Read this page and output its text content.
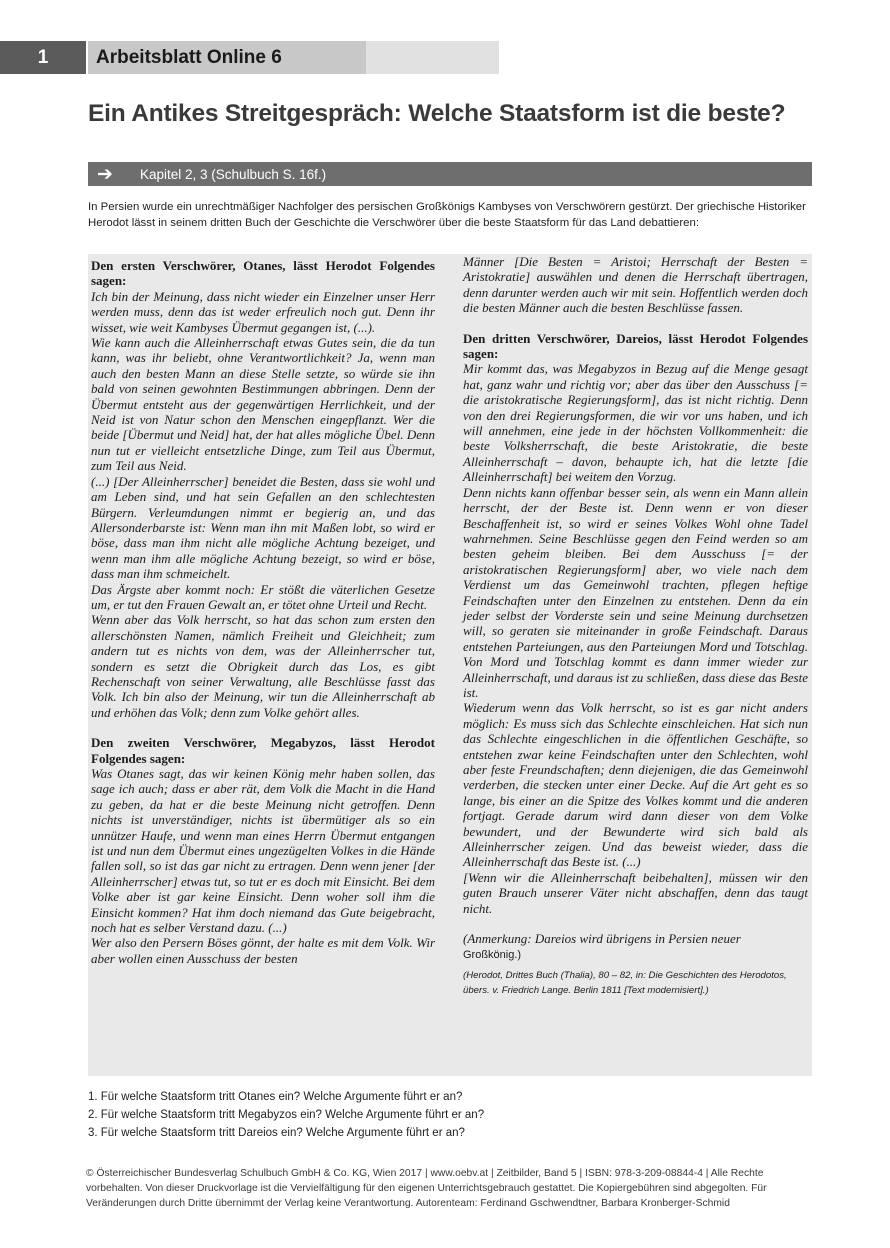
1	Arbeitsblatt Online 6
Ein Antikes Streitgespräch: Welche Staatsform ist die beste?
➔	Kapitel 2, 3 (Schulbuch S. 16f.)

In Persien wurde ein unrechtmäßiger Nachfolger des persischen Großkönigs Kambyses von Verschwörern gestürzt. Der griechische Historiker Herodot lässt in seinem dritten Buch der Geschichte die Verschwörer über die beste Staatsform für das Land debattieren:

Den ersten Verschwörer, Otanes, lässt Herodot Folgendes sagen:

Ich bin der Meinung, dass nicht wieder ein Einzelner unser Herr werden muss, denn das ist weder erfreulich noch gut. Denn ihr wisset, wie weit Kambyses Übermut gegangen ist, (...).

Wie kann auch die Alleinherrschaft etwas Gutes sein, die da tun kann, was ihr beliebt, ohne Verantwortlichkeit? Ja, wenn man auch den besten Mann an diese Stelle setzte, so würde sie ihn bald von seinen gewohnten Bestimmungen abbringen. Denn der Übermut entsteht aus der gegenwärtigen Herrlichkeit, und der Neid ist von Natur schon den Menschen eingepflanzt. Wer die beide [Übermut und Neid] hat, der hat alles mögliche Übel. Denn nun tut er vielleicht entsetzliche Dinge, zum Teil aus Übermut, zum Teil aus Neid.

(...) [Der Alleinherrscher] beneidet die Besten, dass sie wohl und am Leben sind, und hat sein Gefallen an den schlechtesten Bürgern. Verleumdungen nimmt er begierig an, und das Allersonderbarste ist: Wenn man ihn mit Maßen lobt, so wird er böse, dass man ihm nicht alle mögliche Achtung bezeiget, und wenn man ihm alle mögliche Achtung bezeigt, so wird er böse, dass man ihm schmeichelt.

Das Ärgste aber kommt noch: Er stößt die väterlichen Gesetze um, er tut den Frauen Gewalt an, er tötet ohne Urteil und Recht.

Wenn aber das Volk herrscht, so hat das schon zum ersten den allerschönsten Namen, nämlich Freiheit und Gleichheit; zum andern tut es nichts von dem, was der Alleinherrscher tut, sondern es setzt die Obrigkeit durch das Los, es gibt Rechenschaft von seiner Verwaltung, alle Beschlüsse fasst das Volk. Ich bin also der Meinung, wir tun die Alleinherrschaft ab und erhöhen das Volk; denn zum Volke gehört alles.

Den zweiten Verschwörer, Megabyzos, lässt Herodot Folgendes sagen:

Was Otanes sagt, das wir keinen König mehr haben sollen, das sage ich auch; dass er aber rät, dem Volk die Macht in die Hand zu geben, da hat er die beste Meinung nicht getroffen. Denn nichts ist unverständiger, nichts ist übermütiger als so ein unnützer Haufe, und wenn man eines Herrn Übermut entgangen ist und nun dem Übermut eines ungezügelten Volkes in die Hände fallen soll, so ist das gar nicht zu ertragen. Denn wenn jener [der Alleinherrscher] etwas tut, so tut er es doch mit Einsicht. Bei dem Volke aber ist gar keine Einsicht. Denn woher soll ihm die Einsicht kommen? Hat ihm doch niemand das Gute beigebracht, noch hat es selber Verstand dazu. (...)

Wer also den Persern Böses gönnt, der halte es mit dem Volk. Wir aber wollen einen Ausschuss der besten

Männer [Die Besten = Aristoi; Herrschaft der Besten = Aristokratie] auswählen und denen die Herrschaft übertragen, denn darunter werden auch wir mit sein. Hoffentlich werden doch die besten Männer auch die besten Beschlüsse fassen.

Den dritten Verschwörer, Dareios, lässt Herodot Folgendes sagen:

Mir kommt das, was Megabyzos in Bezug auf die Menge gesagt hat, ganz wahr und richtig vor; aber das über den Ausschuss [= die aristokratische Regierungsform], das ist nicht richtig. Denn von den drei Regierungsformen, die wir vor uns haben, und ich will annehmen, eine jede in der höchsten Vollkommenheit: die beste Volksherrschaft, die beste Aristokratie, die beste Alleinherrschaft – davon, behaupte ich, hat die letzte [die Alleinherrschaft] bei weitem den Vorzug.

Denn nichts kann offenbar besser sein, als wenn ein Mann allein herrscht, der der Beste ist. Denn wenn er von dieser Beschaffenheit ist, so wird er seines Volkes Wohl ohne Tadel wahrnehmen. Seine Beschlüsse gegen den Feind werden so am besten geheim bleiben. Bei dem Ausschuss [= der aristokratischen Regierungsform] aber, wo viele nach dem Verdienst um das Gemeinwohl trachten, pflegen heftige Feindschaften unter den Einzelnen zu entstehen. Denn da ein jeder selbst der Vorderste sein und seine Meinung durchsetzen will, so geraten sie miteinander in große Feindschaft. Daraus entstehen Parteiungen, aus den Parteiungen Mord und Totschlag. Von Mord und Totschlag kommt es dann immer wieder zur Alleinherrschaft, und daraus ist zu schließen, dass diese das Beste ist.

Wiederum wenn das Volk herrscht, so ist es gar nicht anders möglich: Es muss sich das Schlechte einschleichen. Hat sich nun das Schlechte eingeschlichen in die öffentlichen Geschäfte, so entstehen zwar keine Feindschaften unter den Schlechten, wohl aber feste Freundschaften; denn diejenigen, die das Gemeinwohl verderben, die stecken unter einer Decke. Auf die Art geht es so lange, bis einer an die Spitze des Volkes kommt und die anderen fortjagt. Gerade darum wird dann dieser von dem Volke bewundert, und der Bewunderte wird sich bald als Alleinherrscher zeigen. Und das beweist wieder, dass die Alleinherrschaft das Beste ist. (...)

[Wenn wir die Alleinherrschaft beibehalten], müssen wir den guten Brauch unserer Väter nicht abschaffen, denn das taugt nicht.

(Anmerkung: Dareios wird übrigens in Persien neuer
Großkönig.)

(Herodot, Drittes Buch (Thalia), 80 – 82, in: Die Geschichten des Herodotos, übers. v. Friedrich Lange. Berlin 1811 [Text modernisiert].)

1. Für welche Staatsform tritt Otanes ein? Welche Argumente führt er an?
2. Für welche Staatsform tritt Megabyzos ein? Welche Argumente führt er an?
3. Für welche Staatsform tritt Dareios ein? Welche Argumente führt er an?

© Österreichischer Bundesverlag Schulbuch GmbH & Co. KG, Wien 2017 | www.oebv.at | Zeitbilder, Band 5 | ISBN: 978-3-209-08844-4 | Alle Rechte vorbehalten. Von dieser Druckvorlage ist die Vervielfältigung für den eigenen Unterrichtsgebrauch gestattet. Die Kopiergebühren sind abgegolten. Für Veränderungen durch Dritte übernimmt der Verlag keine Verantwortung. Autorenteam: Ferdinand Gschwendtner, Barbara Kronberger-Schmid
